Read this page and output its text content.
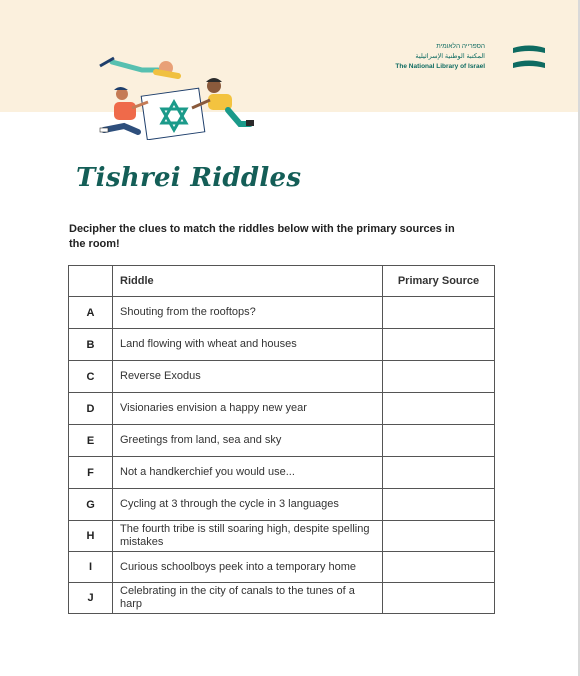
הספרייה הלאומית
المكتبة الوطنية الإسرائيلية
The National Library of Israel
Tishrei Riddles
Decipher the clues to match the riddles below with the primary sources in the room!
	Riddle	Primary Source
A	Shouting from the rooftops?	
B	Land flowing with wheat and houses	
C	Reverse Exodus	
D	Visionaries envision a happy new year	
E	Greetings from land, sea and sky	
F	Not a handkerchief you would use...	
G	Cycling at 3 through the cycle in 3 languages	
H	The fourth tribe is still soaring high, despite spelling mistakes	
I	Curious schoolboys peek into a temporary home	
J	Celebrating in the city of canals to the tunes of a harp	
